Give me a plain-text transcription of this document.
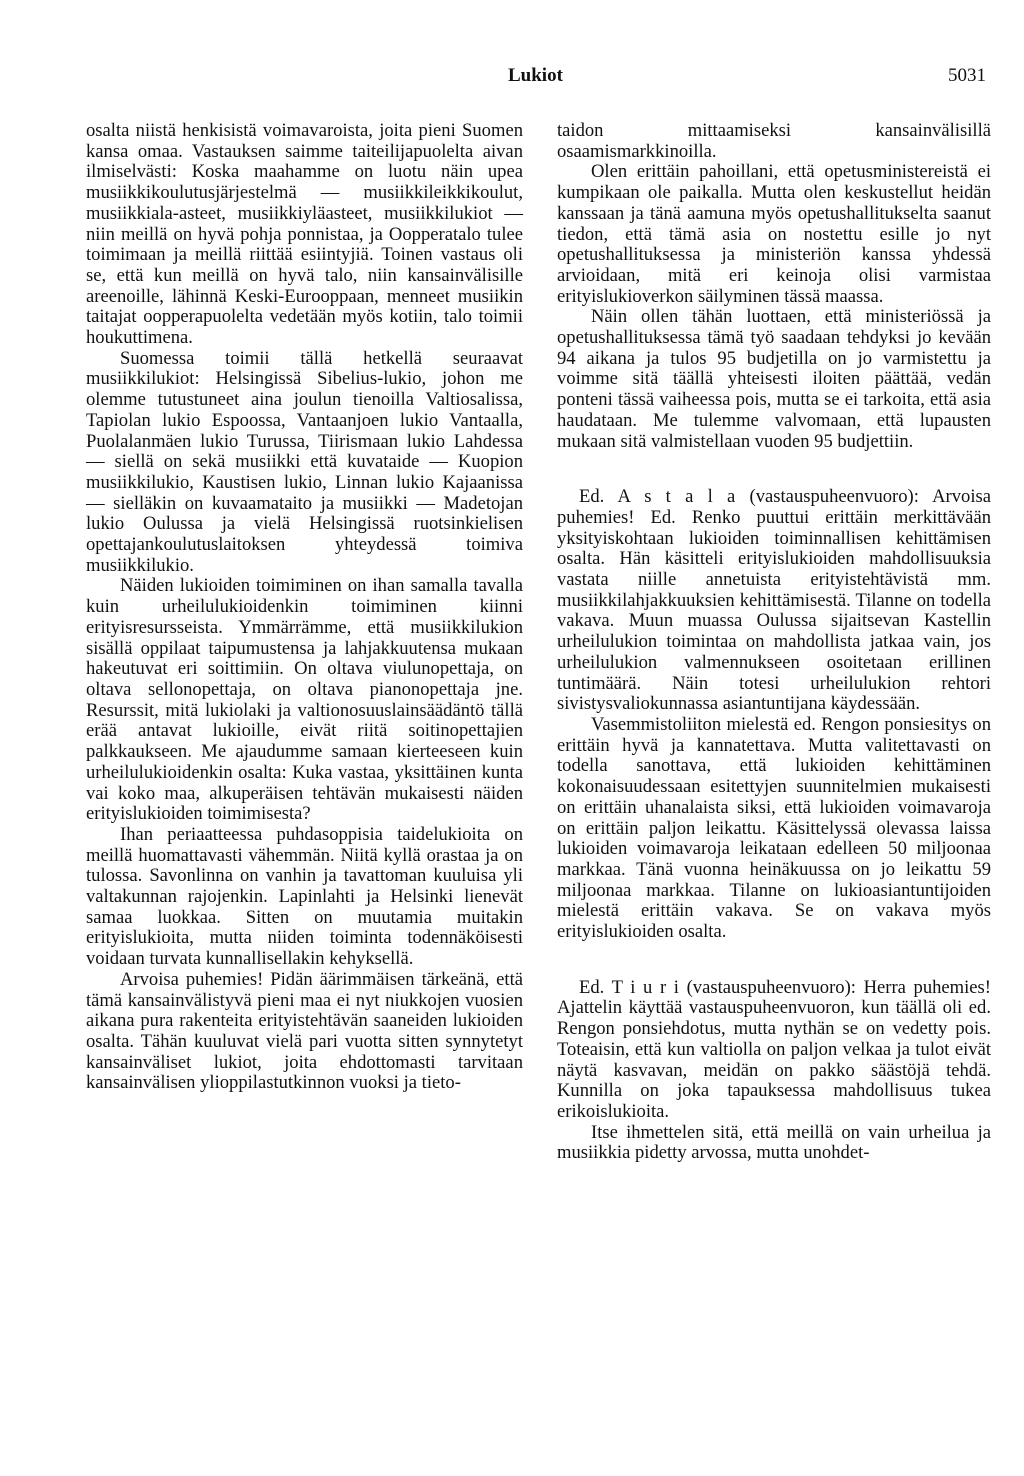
Lukiot	5031

osalta niistä henkisistä voimavaroista, joita pieni Suomen kansa omaa. Vastauksen saimme taiteilijapuolelta aivan ilmiselvästi: Koska maahamme on luotu näin upea musiikkikoulutusjärjestelmä — musiikkileikkikoulut, musiikkiala-asteet, musiikkiyläasteet, musiikkilukiot — niin meillä on hyvä pohja ponnistaa, ja Oopperatalo tulee toimimaan ja meillä riittää esiintyjiä. Toinen vastaus oli se, että kun meillä on hyvä talo, niin kansainvälisille areenoille, lähinnä Keski-Eurooppaan, menneet musiikin taitajat oopperapuolelta vedetään myös kotiin, talo toimii houkuttimena.

Suomessa toimii tällä hetkellä seuraavat musiikkilukiot: Helsingissä Sibelius-lukio, johon me olemme tutustuneet aina joulun tienoilla Valtiosalissa, Tapiolan lukio Espoossa, Vantaanjoen lukio Vantaalla, Puolalanmäen lukio Turussa, Tiirismaan lukio Lahdessa — siellä on sekä musiikki että kuvataide — Kuopion musiikkilukio, Kaustisen lukio, Linnan lukio Kajaanissa — sielläkin on kuvaamataito ja musiikki — Madetojan lukio Oulussa ja vielä Helsingissä ruotsinkielisen opettajankoulutuslaitoksen yhteydessä toimiva musiikkilukio.

Näiden lukioiden toimiminen on ihan samalla tavalla kuin urheilulukioidenkin toimiminen kiinni erityisresursseista. Ymmärrämme, että musiikkilukion sisällä oppilaat taipumustensa ja lahjakkuutensa mukaan hakeutuvat eri soittimiin. On oltava viulunopettaja, on oltava sellonopettaja, on oltava pianonopettaja jne. Resurssit, mitä lukiolaki ja valtionosuuslainsäädäntö tällä erää antavat lukioille, eivät riitä soitinopettajien palkkaukseen. Me ajaudumme samaan kierteeseen kuin urheilulukioidenkin osalta: Kuka vastaa, yksittäinen kunta vai koko maa, alkuperäisen tehtävän mukaisesti näiden erityislukioiden toimimisesta?

Ihan periaatteessa puhdasoppisia taidelukioita on meillä huomattavasti vähemmän. Niitä kyllä orastaa ja on tulossa. Savonlinna on vanhin ja tavattoman kuuluisa yli valtakunnan rajojenkin. Lapinlahti ja Helsinki lienevät samaa luokkaa. Sitten on muutamia muitakin erityislukioita, mutta niiden toiminta todennäköisesti voidaan turvata kunnallisellakin kehyksellä.

Arvoisa puhemies! Pidän äärimmäisen tärkeänä, että tämä kansainvälistyvä pieni maa ei nyt niukkojen vuosien aikana pura rakenteita erityistehtävän saaneiden lukioiden osalta. Tähän kuuluvat vielä pari vuotta sitten synnytetyt kansainväliset lukiot, joita ehdottomasti tarvitaan kansainvälisen ylioppilastutkinnon vuoksi ja tieto-

taidon mittaamiseksi kansainvälisillä osaamismarkkinoilla.

Olen erittäin pahoillani, että opetusministereistä ei kumpikaan ole paikalla. Mutta olen keskustellut heidän kanssaan ja tänä aamuna myös opetushallitukselta saanut tiedon, että tämä asia on nostettu esille jo nyt opetushallituksessa ja ministeriön kanssa yhdessä arvioidaan, mitä eri keinoja olisi varmistaa erityislukioverkon säilyminen tässä maassa.

Näin ollen tähän luottaen, että ministeriössä ja opetushallituksessa tämä työ saadaan tehdyksi jo kevään 94 aikana ja tulos 95 budjetilla on jo varmistettu ja voimme sitä täällä yhteisesti iloiten päättää, vedän ponteni tässä vaiheessa pois, mutta se ei tarkoita, että asia haudataan. Me tulemme valvomaan, että lupausten mukaan sitä valmistellaan vuoden 95 budjettiin.

Ed. A s t a l a (vastauspuheenvuoro): Arvoisa puhemies! Ed. Renko puuttui erittäin merkittävään yksityiskohtaan lukioiden toiminnallisen kehittämisen osalta. Hän käsitteli erityislukioiden mahdollisuuksia vastata niille annetuista erityistehtävistä mm. musiikkilahjakkuuksien kehittämisestä. Tilanne on todella vakava. Muun muassa Oulussa sijaitsevan Kastellin urheilulukion toimintaa on mahdollista jatkaa vain, jos urheilulukion valmennukseen osoitetaan erillinen tuntimäärä. Näin totesi urheilulukion rehtori sivistysvaliokunnassa asiantuntijana käydessään.

Vasemmistoliiton mielestä ed. Rengon ponsiesitys on erittäin hyvä ja kannatettava. Mutta valitettavasti on todella sanottava, että lukioiden kehittäminen kokonaisuudessaan esitettyjen suunnitelmien mukaisesti on erittäin uhanalaista siksi, että lukioiden voimavaroja on erittäin paljon leikattu. Käsittelyssä olevassa laissa lukioiden voimavaroja leikataan edelleen 50 miljoonaa markkaa. Tänä vuonna heinäkuussa on jo leikattu 59 miljoonaa markkaa. Tilanne on lukioasiantuntijoiden mielestä erittäin vakava. Se on vakava myös erityislukioiden osalta.

Ed. T i u r i (vastauspuheenvuoro): Herra puhemies! Ajattelin käyttää vastauspuheenvuoron, kun täällä oli ed. Rengon ponsiehdotus, mutta nythän se on vedetty pois. Toteaisin, että kun valtiolla on paljon velkaa ja tulot eivät näytä kasvavan, meidän on pakko säästöjä tehdä. Kunnilla on joka tapauksessa mahdollisuus tukea erikoislukioita.

Itse ihmettelen sitä, että meillä on vain urheilua ja musiikkia pidetty arvossa, mutta unohdet-
